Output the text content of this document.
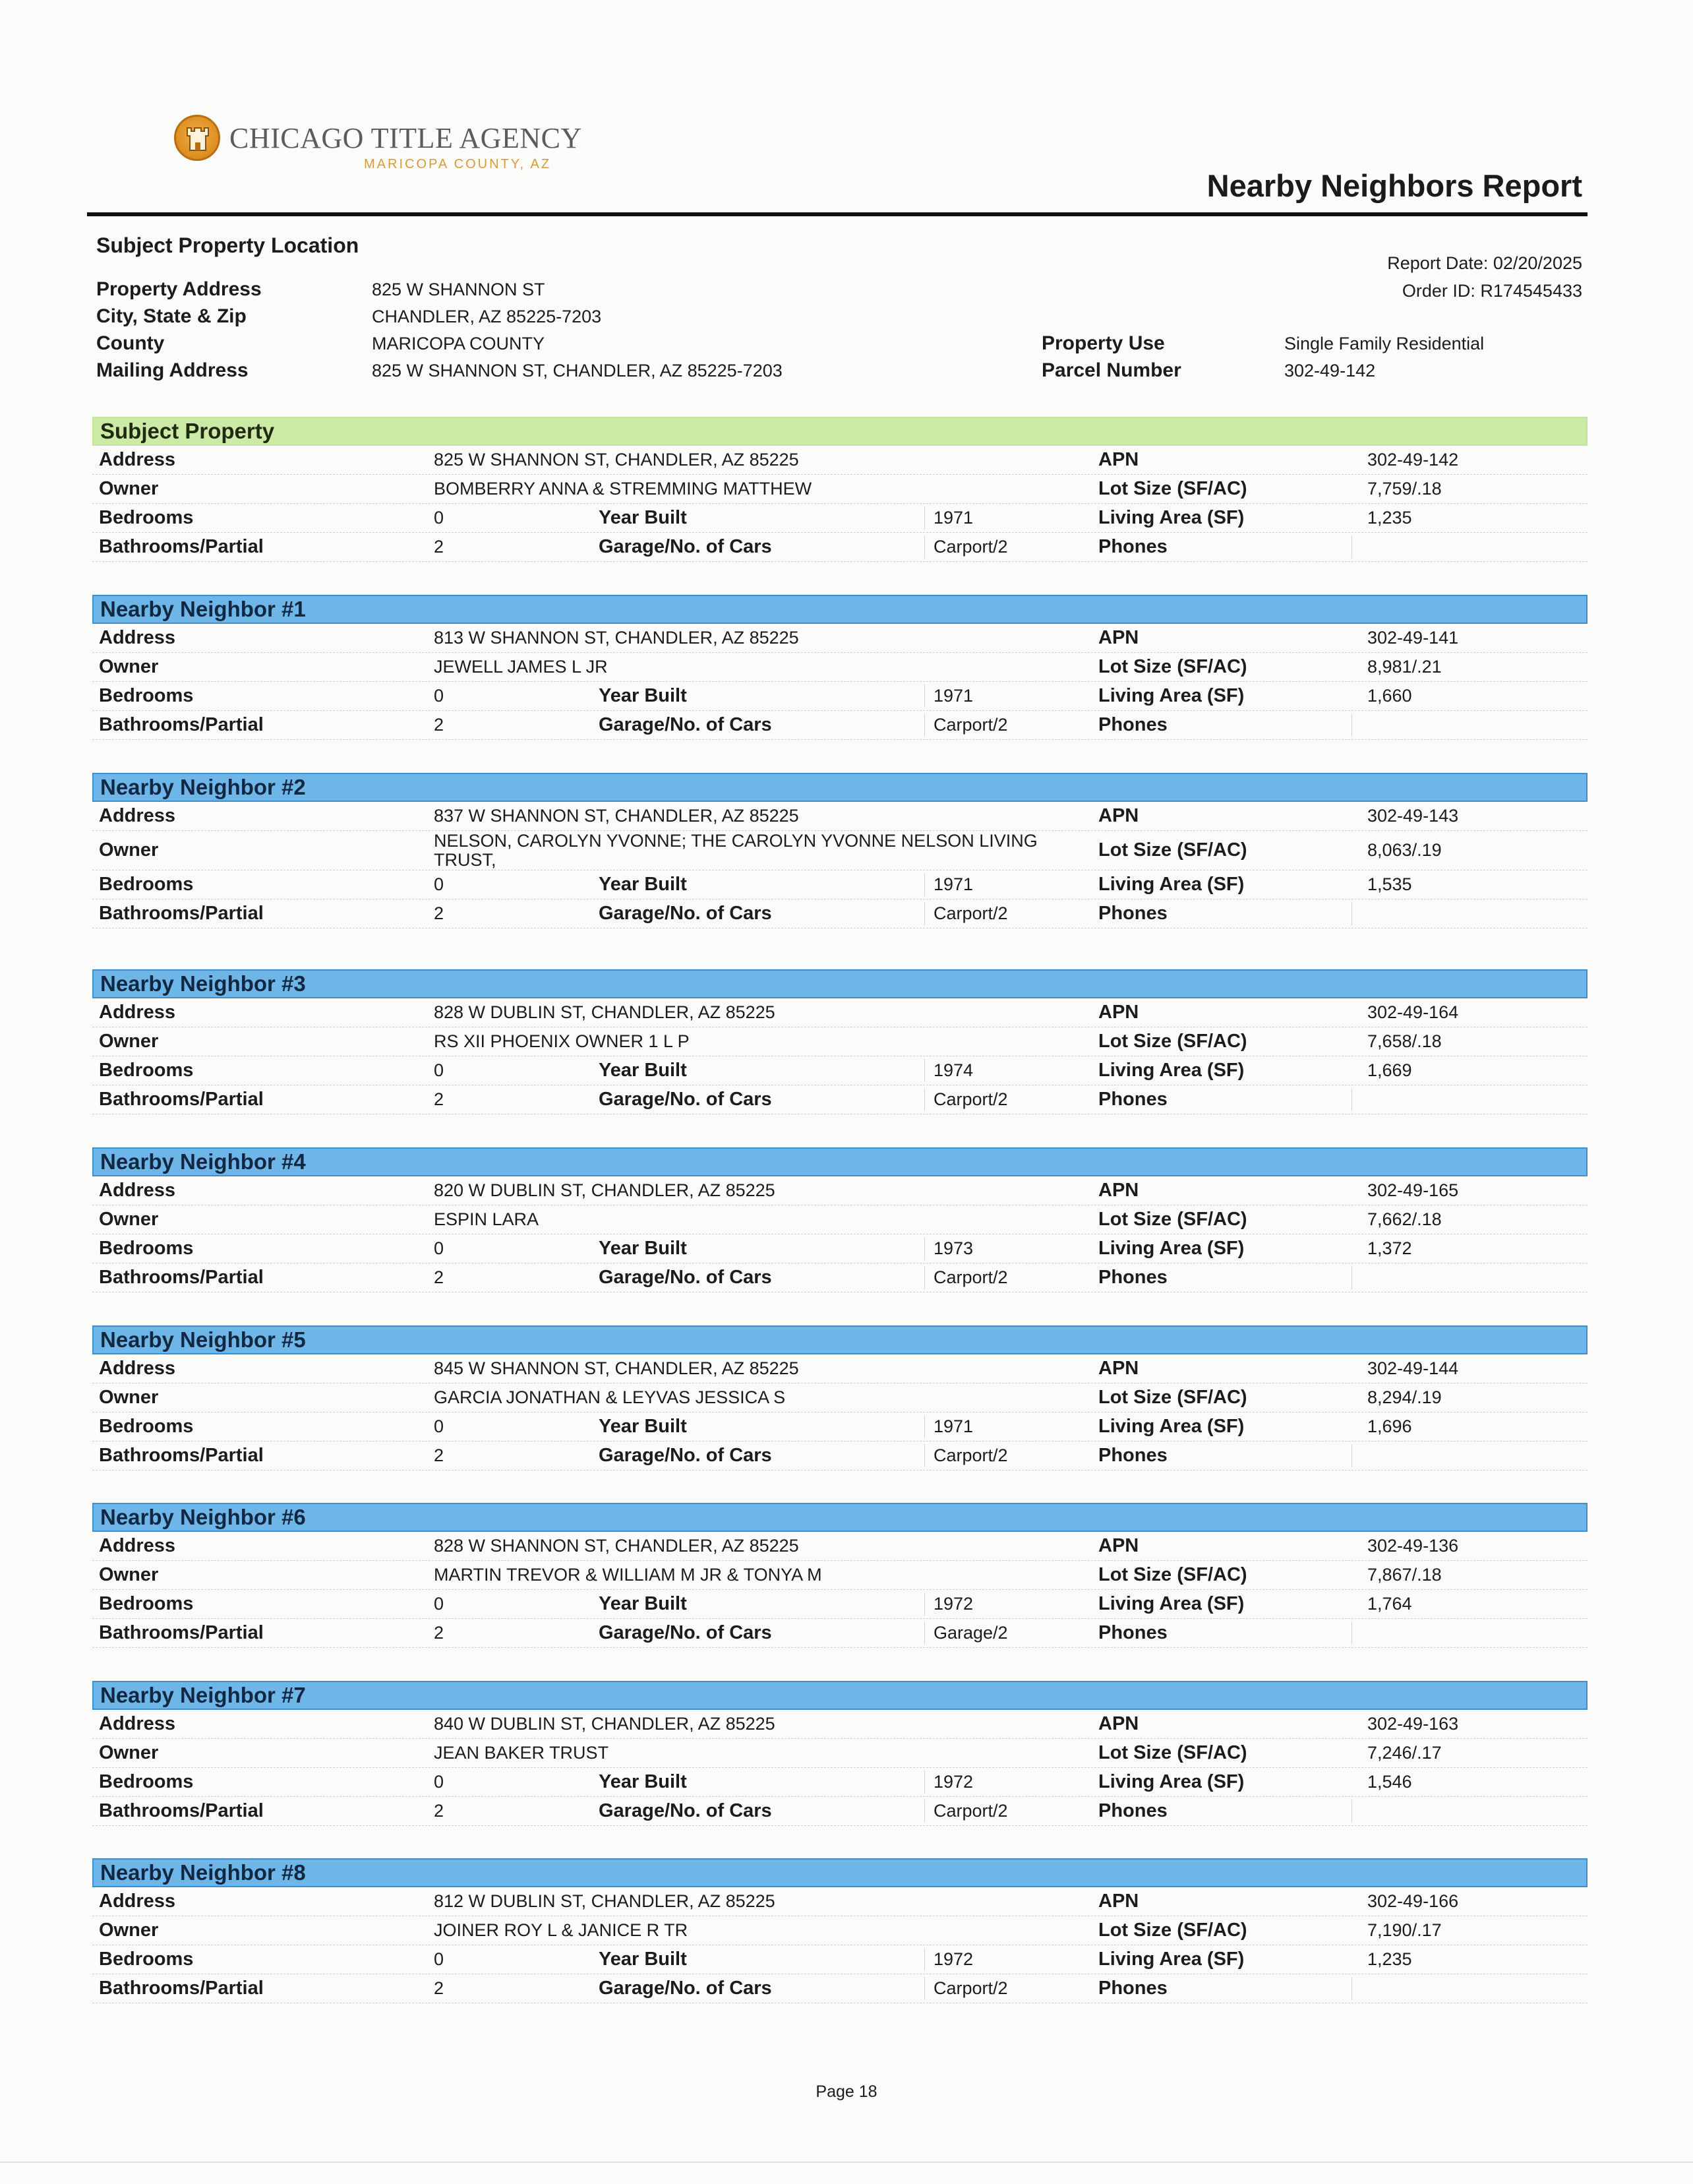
CHICAGO TITLE AGENCY
MARICOPA COUNTY, AZ
Nearby Neighbors Report
Subject Property Location
Report Date: 02/20/2025
Order ID: R174545433
Property Address	825 W SHANNON ST
City, State & Zip	CHANDLER, AZ 85225-7203
County	MARICOPA COUNTY
Mailing Address	825 W SHANNON ST, CHANDLER, AZ 85225-7203
Property Use	Single Family Residential
Parcel Number	302-49-142
Subject Property
Address	825 W SHANNON ST, CHANDLER, AZ 85225	APN	302-49-142
Owner	BOMBERRY ANNA & STREMMING MATTHEW	Lot Size (SF/AC)	7,759/.18
Bedrooms	0	Year Built	1971	Living Area (SF)	1,235
Bathrooms/Partial	2	Garage/No. of Cars	Carport/2	Phones
Nearby Neighbor #1
Address	813 W SHANNON ST, CHANDLER, AZ 85225	APN	302-49-141
Owner	JEWELL JAMES L JR	Lot Size (SF/AC)	8,981/.21
Bedrooms	0	Year Built	1971	Living Area (SF)	1,660
Bathrooms/Partial	2	Garage/No. of Cars	Carport/2	Phones
Nearby Neighbor #2
Address	837 W SHANNON ST, CHANDLER, AZ 85225	APN	302-49-143
Owner	NELSON, CAROLYN YVONNE; THE CAROLYN YVONNE NELSON LIVING TRUST,	Lot Size (SF/AC)	8,063/.19
Bedrooms	0	Year Built	1971	Living Area (SF)	1,535
Bathrooms/Partial	2	Garage/No. of Cars	Carport/2	Phones
Nearby Neighbor #3
Address	828 W DUBLIN ST, CHANDLER, AZ 85225	APN	302-49-164
Owner	RS XII PHOENIX OWNER 1 L P	Lot Size (SF/AC)	7,658/.18
Bedrooms	0	Year Built	1974	Living Area (SF)	1,669
Bathrooms/Partial	2	Garage/No. of Cars	Carport/2	Phones
Nearby Neighbor #4
Address	820 W DUBLIN ST, CHANDLER, AZ 85225	APN	302-49-165
Owner	ESPIN LARA	Lot Size (SF/AC)	7,662/.18
Bedrooms	0	Year Built	1973	Living Area (SF)	1,372
Bathrooms/Partial	2	Garage/No. of Cars	Carport/2	Phones
Nearby Neighbor #5
Address	845 W SHANNON ST, CHANDLER, AZ 85225	APN	302-49-144
Owner	GARCIA JONATHAN & LEYVAS JESSICA S	Lot Size (SF/AC)	8,294/.19
Bedrooms	0	Year Built	1971	Living Area (SF)	1,696
Bathrooms/Partial	2	Garage/No. of Cars	Carport/2	Phones
Nearby Neighbor #6
Address	828 W SHANNON ST, CHANDLER, AZ 85225	APN	302-49-136
Owner	MARTIN TREVOR & WILLIAM M JR & TONYA M	Lot Size (SF/AC)	7,867/.18
Bedrooms	0	Year Built	1972	Living Area (SF)	1,764
Bathrooms/Partial	2	Garage/No. of Cars	Garage/2	Phones
Nearby Neighbor #7
Address	840 W DUBLIN ST, CHANDLER, AZ 85225	APN	302-49-163
Owner	JEAN BAKER TRUST	Lot Size (SF/AC)	7,246/.17
Bedrooms	0	Year Built	1972	Living Area (SF)	1,546
Bathrooms/Partial	2	Garage/No. of Cars	Carport/2	Phones
Nearby Neighbor #8
Address	812 W DUBLIN ST, CHANDLER, AZ 85225	APN	302-49-166
Owner	JOINER ROY L & JANICE R TR	Lot Size (SF/AC)	7,190/.17
Bedrooms	0	Year Built	1972	Living Area (SF)	1,235
Bathrooms/Partial	2	Garage/No. of Cars	Carport/2	Phones
Page 18
